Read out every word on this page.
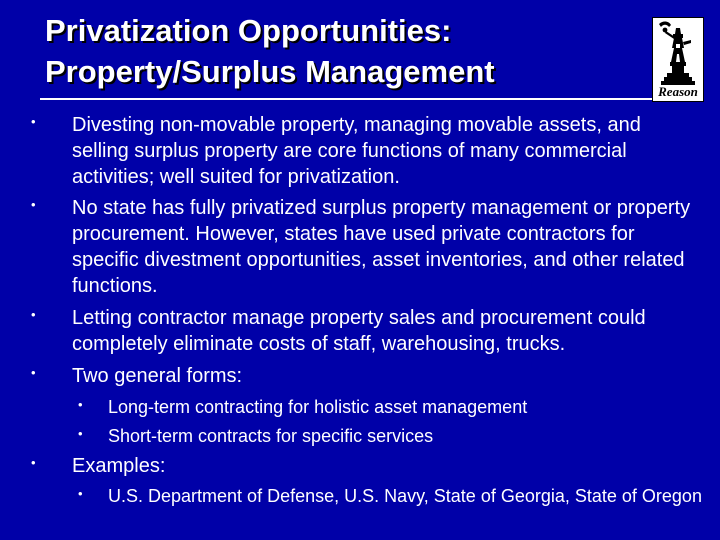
Privatization Opportunities:
Property/Surplus Management
Reason
• Divesting non-movable property, managing movable assets, and selling surplus property are core functions of many commercial activities; well suited for privatization.
• No state has fully privatized surplus property management or property procurement. However, states have used private contractors for specific divestment opportunities, asset inventories, and other related functions.
• Letting contractor manage property sales and procurement could completely eliminate costs of staff, warehousing, trucks.
• Two general forms:
• Long-term contracting for holistic asset management
• Short-term contracts for specific services
• Examples:
• U.S. Department of Defense, U.S. Navy, State of Georgia, State of Oregon
